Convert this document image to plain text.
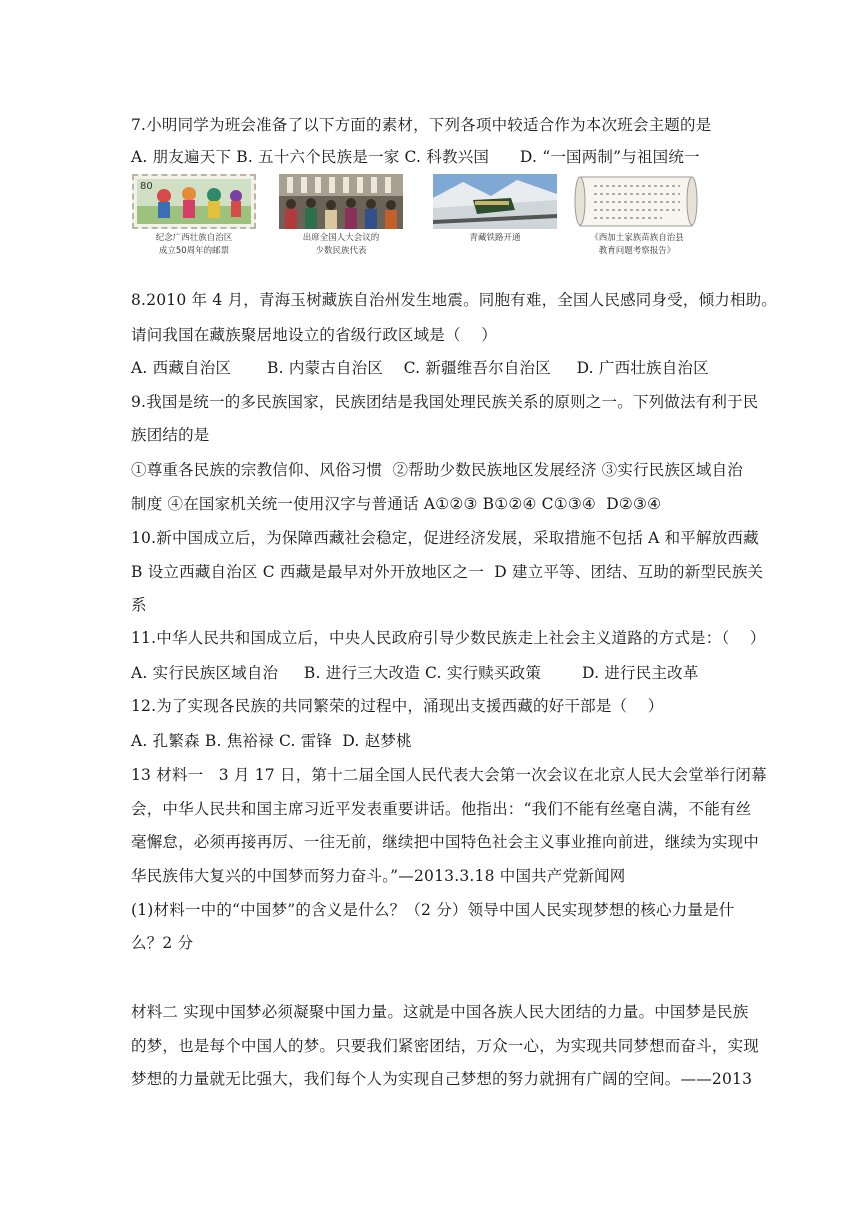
7.小明同学为班会准备了以下方面的素材，下列各项中较适合作为本次班会主题的是
A. 朋友遍天下 B. 五十六个民族是一家 C. 科教兴国      D. “一国两制”与祖国统一
80
纪念广西壮族自治区
成立50周年的邮票
出席全国人大会议的
少数民族代表
青藏铁路开通	《西加土家族苗族自治县
教育问题考察报告》
8.2010 年 4 月，青海玉树藏族自治州发生地震。同胞有难，全国人民感同身受，倾力相助。
请问我国在藏族聚居地设立的省级行政区域是（    ）
A. 西藏自治区       B. 内蒙古自治区    C. 新疆维吾尔自治区     D. 广西壮族自治区
9.我国是统一的多民族国家，民族团结是我国处理民族关系的原则之一。下列做法有利于民
族团结的是
①尊重各民族的宗教信仰、风俗习惯  ②帮助少数民族地区发展经济 ③实行民族区域自治
制度 ④在国家机关统一使用汉字与普通话 A①②③ B①②④ C①③④  D②③④
10.新中国成立后，为保障西藏社会稳定，促进经济发展，采取措施不包括 A 和平解放西藏
B 设立西藏自治区 C 西藏是最早对外开放地区之一  D 建立平等、团结、互助的新型民族关
系
11.中华人民共和国成立后，中央人民政府引导少数民族走上社会主义道路的方式是：（    ）
A. 实行民族区域自治     B. 进行三大改造 C. 实行赎买政策        D. 进行民主改革
12.为了实现各民族的共同繁荣的过程中，涌现出支援西藏的好干部是（    ）
A. 孔繁森 B. 焦裕禄 C. 雷锋  D. 赵梦桃
13 材料一   3 月 17 日，第十二届全国人民代表大会第一次会议在北京人民大会堂举行闭幕
会，中华人民共和国主席习近平发表重要讲话。他指出：“我们不能有丝毫自满，不能有丝
毫懈怠，必须再接再厉、一往无前，继续把中国特色社会主义事业推向前进，继续为实现中
华民族伟大复兴的中国梦而努力奋斗。”—2013.3.18 中国共产党新闻网
(1)材料一中的“中国梦”的含义是什么？（2 分）领导中国人民实现梦想的核心力量是什
么？2 分
材料二 实现中国梦必须凝聚中国力量。这就是中国各族人民大团结的力量。中国梦是民族
的梦，也是每个中国人的梦。只要我们紧密团结，万众一心，为实现共同梦想而奋斗，实现
梦想的力量就无比强大，我们每个人为实现自己梦想的努力就拥有广阔的空间。——2013
